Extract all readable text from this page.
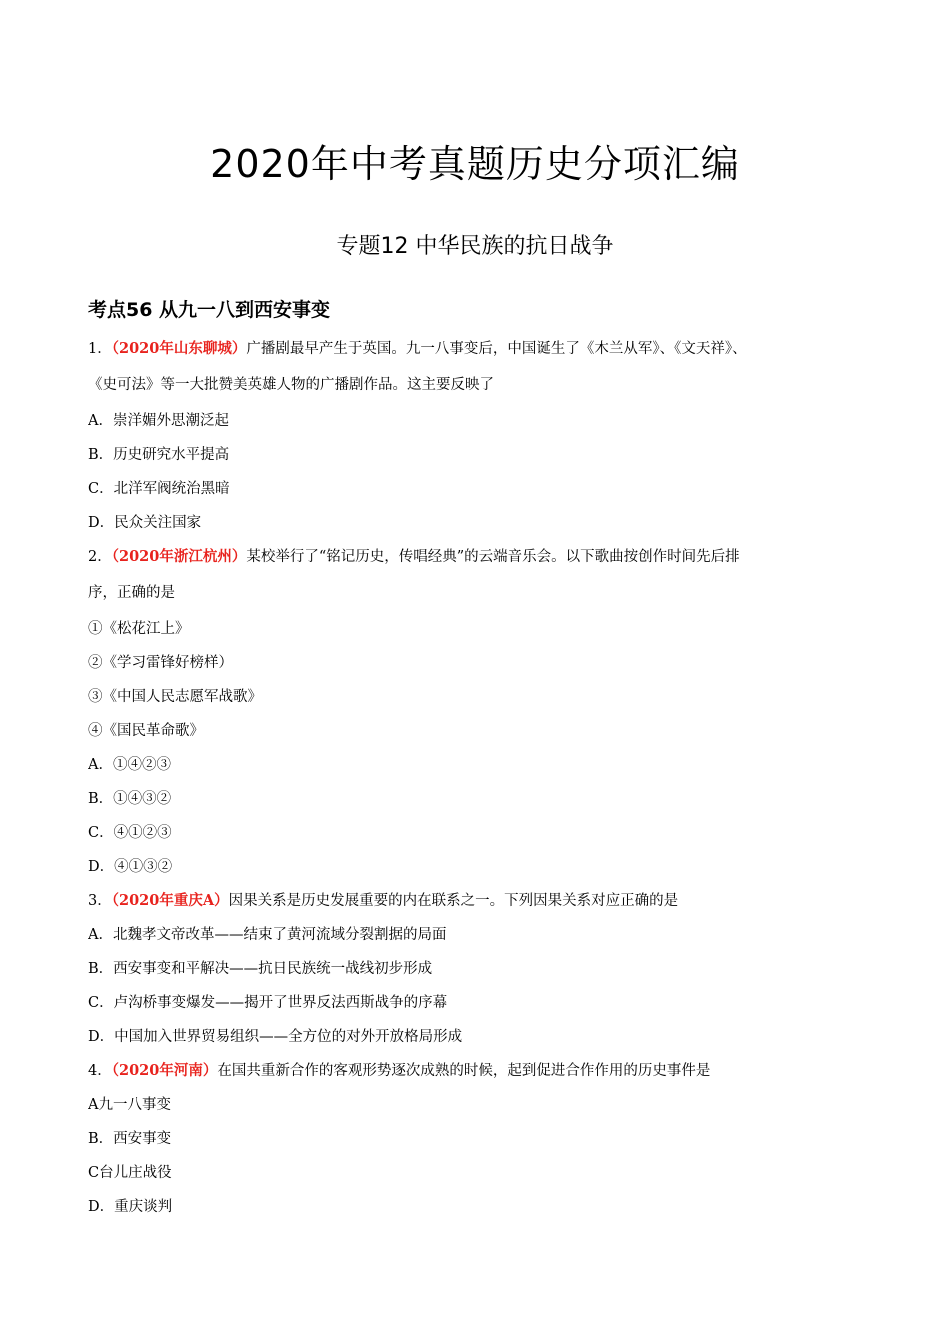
2020年中考真题历史分项汇编
专题12 中华民族的抗日战争
考点56 从九一八到西安事变
1．（2020年山东聊城）广播剧最早产生于英国。九一八事变后，中国诞生了《木兰从军》、《文天祥》、
《史可法》等一大批赞美英雄人物的广播剧作品。这主要反映了
A．崇洋媚外思潮泛起
B．历史研究水平提高
C．北洋军阀统治黑暗
D．民众关注国家
2．（2020年浙江杭州）某校举行了“铭记历史，传唱经典”的云端音乐会。以下歌曲按创作时间先后排
序，正确的是
①《松花江上》
②《学习雷锋好榜样）
③《中国人民志愿军战歌》
④《国民革命歌》
A．①④②③
B．①④③②
C．④①②③
D．④①③②
3．（2020年重庆A）因果关系是历史发展重要的内在联系之一。下列因果关系对应正确的是
A．北魏孝文帝改革——结束了黄河流域分裂割据的局面
B．西安事变和平解决——抗日民族统一战线初步形成
C．卢沟桥事变爆发——揭开了世界反法西斯战争的序幕
D．中国加入世界贸易组织——全方位的对外开放格局形成
4．（2020年河南）在国共重新合作的客观形势逐次成熟的时候，起到促进合作作用的历史事件是
A九一八事变
B．西安事变
C台儿庄战役
D．重庆谈判
